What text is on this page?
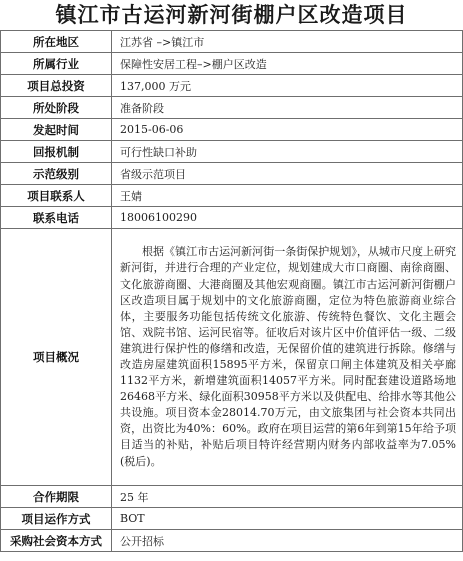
镇江市古运河新河街棚户区改造项目
所在地区	江苏省 –>镇江市
所属行业	保障性安居工程–>棚户区改造
项目总投资	137,000 万元
所处阶段	准备阶段
发起时间	2015-06-06
回报机制	可行性缺口补助
示范级别	省级示范项目
项目联系人	王婧
联系电话	18006100290
项目概况	根据《镇江市古运河新河街一条街保护规划》，从城市尺度上研究新河街，并进行合理的产业定位，规划建成大市口商圈、南徐商圈、文化旅游商圈、大港商圈及其他宏观商圈。镇江市古运河新河街棚户区改造项目属于规划中的文化旅游商圈，定位为特色旅游商业综合体，主要服务功能包括传统文化旅游、传统特色餐饮、文化主题会馆、戏院书馆、运河民宿等。征收后对该片区中价值评估一级、二级建筑进行保护性的修缮和改造，无保留价值的建筑进行拆除。修缮与改造房屋建筑面积15895平方米，保留京口闸主体建筑及相关亭廊1132平方米，新增建筑面积14057平方米。同时配套建设道路场地26468平方米、绿化面积30958平方米以及供配电、给排水等其他公共设施。项目资本金28014.70万元，由文旅集团与社会资本共同出资，出资比为40%：60%。政府在项目运营的第6年到第15年给予项目适当的补贴，补贴后项目特许经营期内财务内部收益率为7.05%(税后)。

合作期限	25 年
项目运作方式	BOT
采购社会资本方式	公开招标
